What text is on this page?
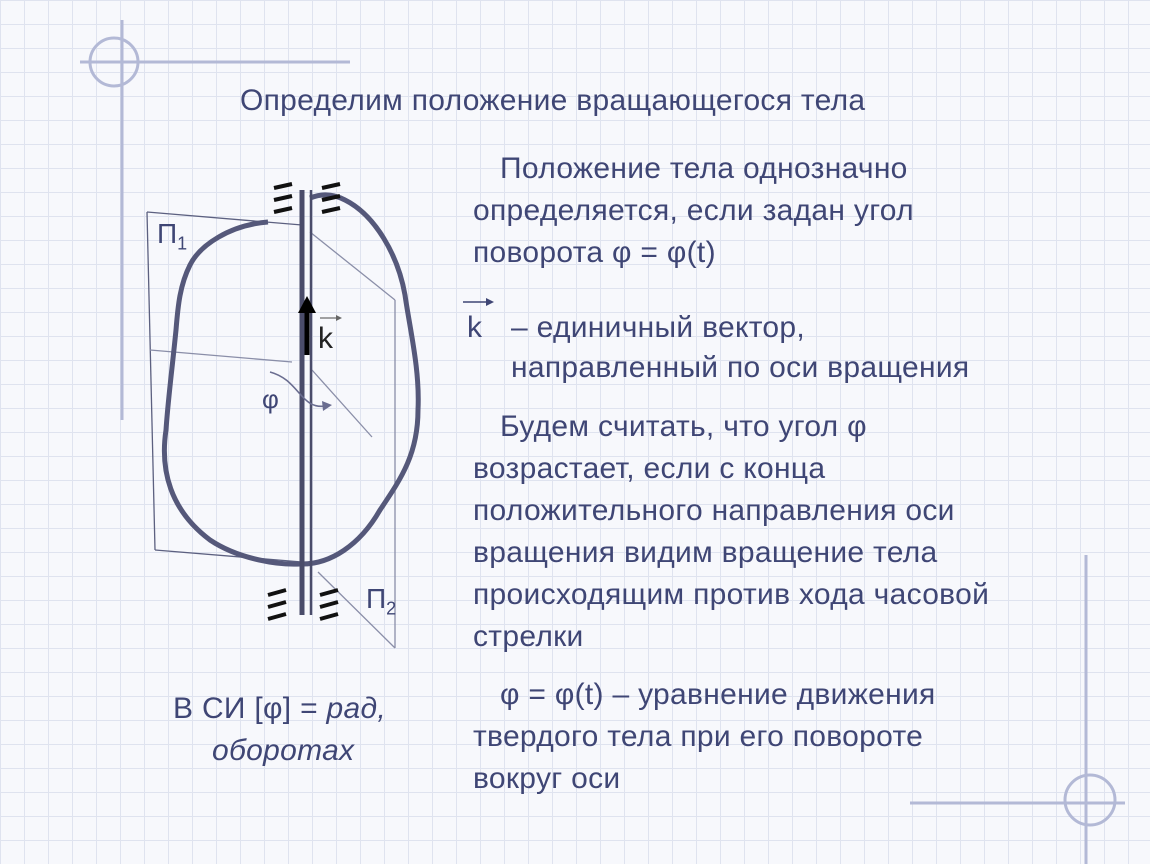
$П_1$
$П_2$
k
φ
Определим положение вращающегося тела
Положение тела однозначно
определяется, если задан угол
поворота φ = φ(t)
k – единичный вектор,
направленный по оси вращения
Будем считать, что угол φ
возрастает, если с конца
положительного направления оси
вращения видим вращение тела
происходящим против хода часовой
стрелки
φ = φ(t) – уравнение движения
твердого тела при его повороте
вокруг оси
В СИ [φ] = рад,
оборотах
